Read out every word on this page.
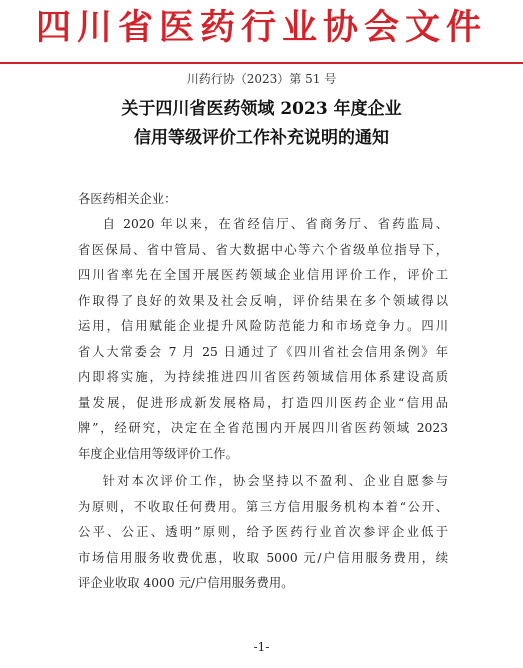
四川省医药行业协会文件
川药行协（2023）第 51 号
关于四川省医药领域 2023 年度企业
信用等级评价工作补充说明的通知
各医药相关企业：
自 2020 年以来，在省经信厅、省商务厅、省药监局、
省医保局、省中管局、省大数据中心等六个省级单位指导下，
四川省率先在全国开展医药领域企业信用评价工作，评价工
作取得了良好的效果及社会反响，评价结果在多个领域得以
运用，信用赋能企业提升风险防范能力和市场竞争力。四川
省人大常委会 7 月 25 日通过了《四川省社会信用条例》年
内即将实施，为持续推进四川省医药领域信用体系建设高质
量发展，促进形成新发展格局，打造四川医药企业“信用品
牌”，经研究，决定在全省范围内开展四川省医药领域 2023
年度企业信用等级评价工作。
针对本次评价工作，协会坚持以不盈利、企业自愿参与
为原则，不收取任何费用。第三方信用服务机构本着“公开、
公平、公正、透明”原则，给予医药行业首次参评企业低于
市场信用服务收费优惠，收取 5000 元/户信用服务费用，续
评企业收取 4000 元/户信用服务费用。
-1-
